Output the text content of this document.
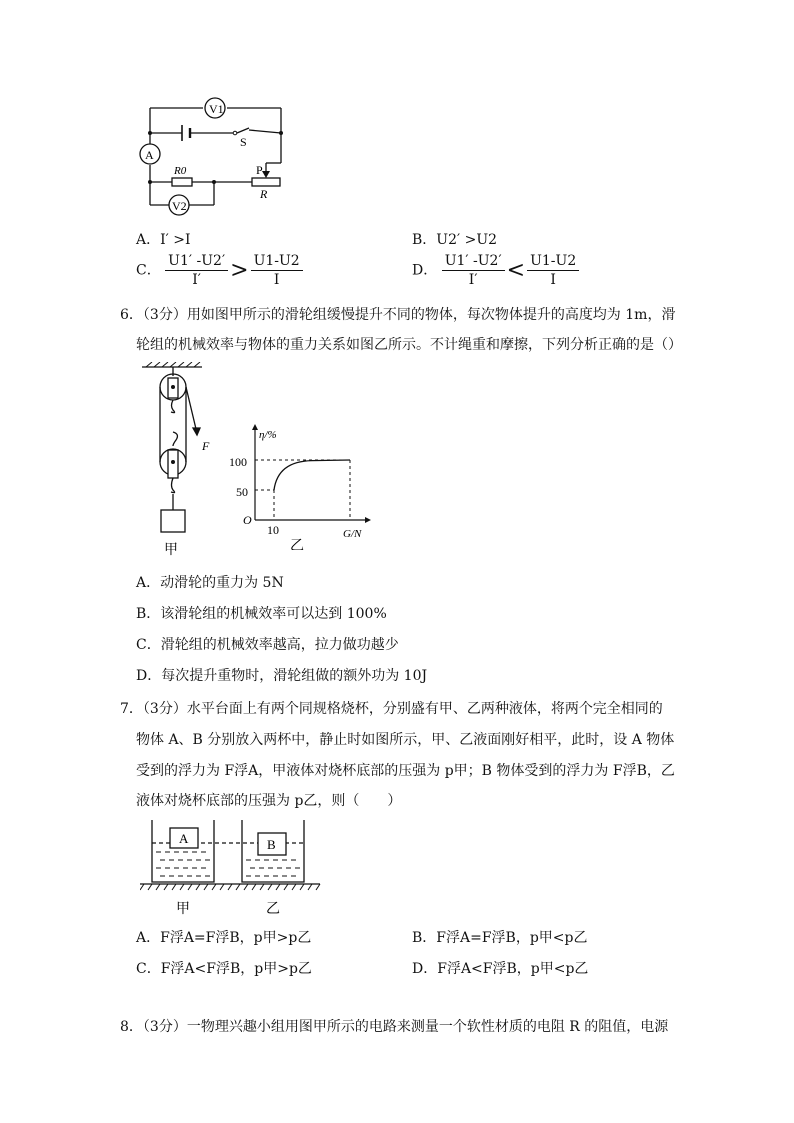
V1
A
V2
S
R0	P
R
A．I′ >I	B．U2′ >U2
C． $\frac{U1' -U2'}{I'} > \frac{U1-U2}{I}$	D． $\frac{U1' -U2'}{I'} < \frac{U1-U2}{I}$
6．（3分）用如图甲所示的滑轮组缓慢提升不同的物体，每次物体提升的高度均为 1m，滑
轮组的机械效率与物体的重力关系如图乙所示。不计绳重和摩擦，下列分析正确的是（）
F
甲
η/%
G/N
O
100
50
10
乙
A．动滑轮的重力为 5N
B．该滑轮组的机械效率可以达到 100%
C．滑轮组的机械效率越高，拉力做功越少
D．每次提升重物时，滑轮组做的额外功为 10J
7．（3分）水平台面上有两个同规格烧杯，分别盛有甲、乙两种液体，将两个完全相同的
物体 A、B 分别放入两杯中，静止时如图所示，甲、乙液面刚好相平，此时，设 A 物体
受到的浮力为 F浮A，甲液体对烧杯底部的压强为 p甲；B 物体受到的浮力为 F浮B，乙
液体对烧杯底部的压强为 p乙，则（　　）
A	B
甲	乙
A．F浮A=F浮B，p甲>p乙	B．F浮A=F浮B，p甲<p乙
C．F浮A<F浮B，p甲>p乙	D．F浮A<F浮B，p甲<p乙
8．（3分）一物理兴趣小组用图甲所示的电路来测量一个软性材质的电阻 R 的阻值，电源
